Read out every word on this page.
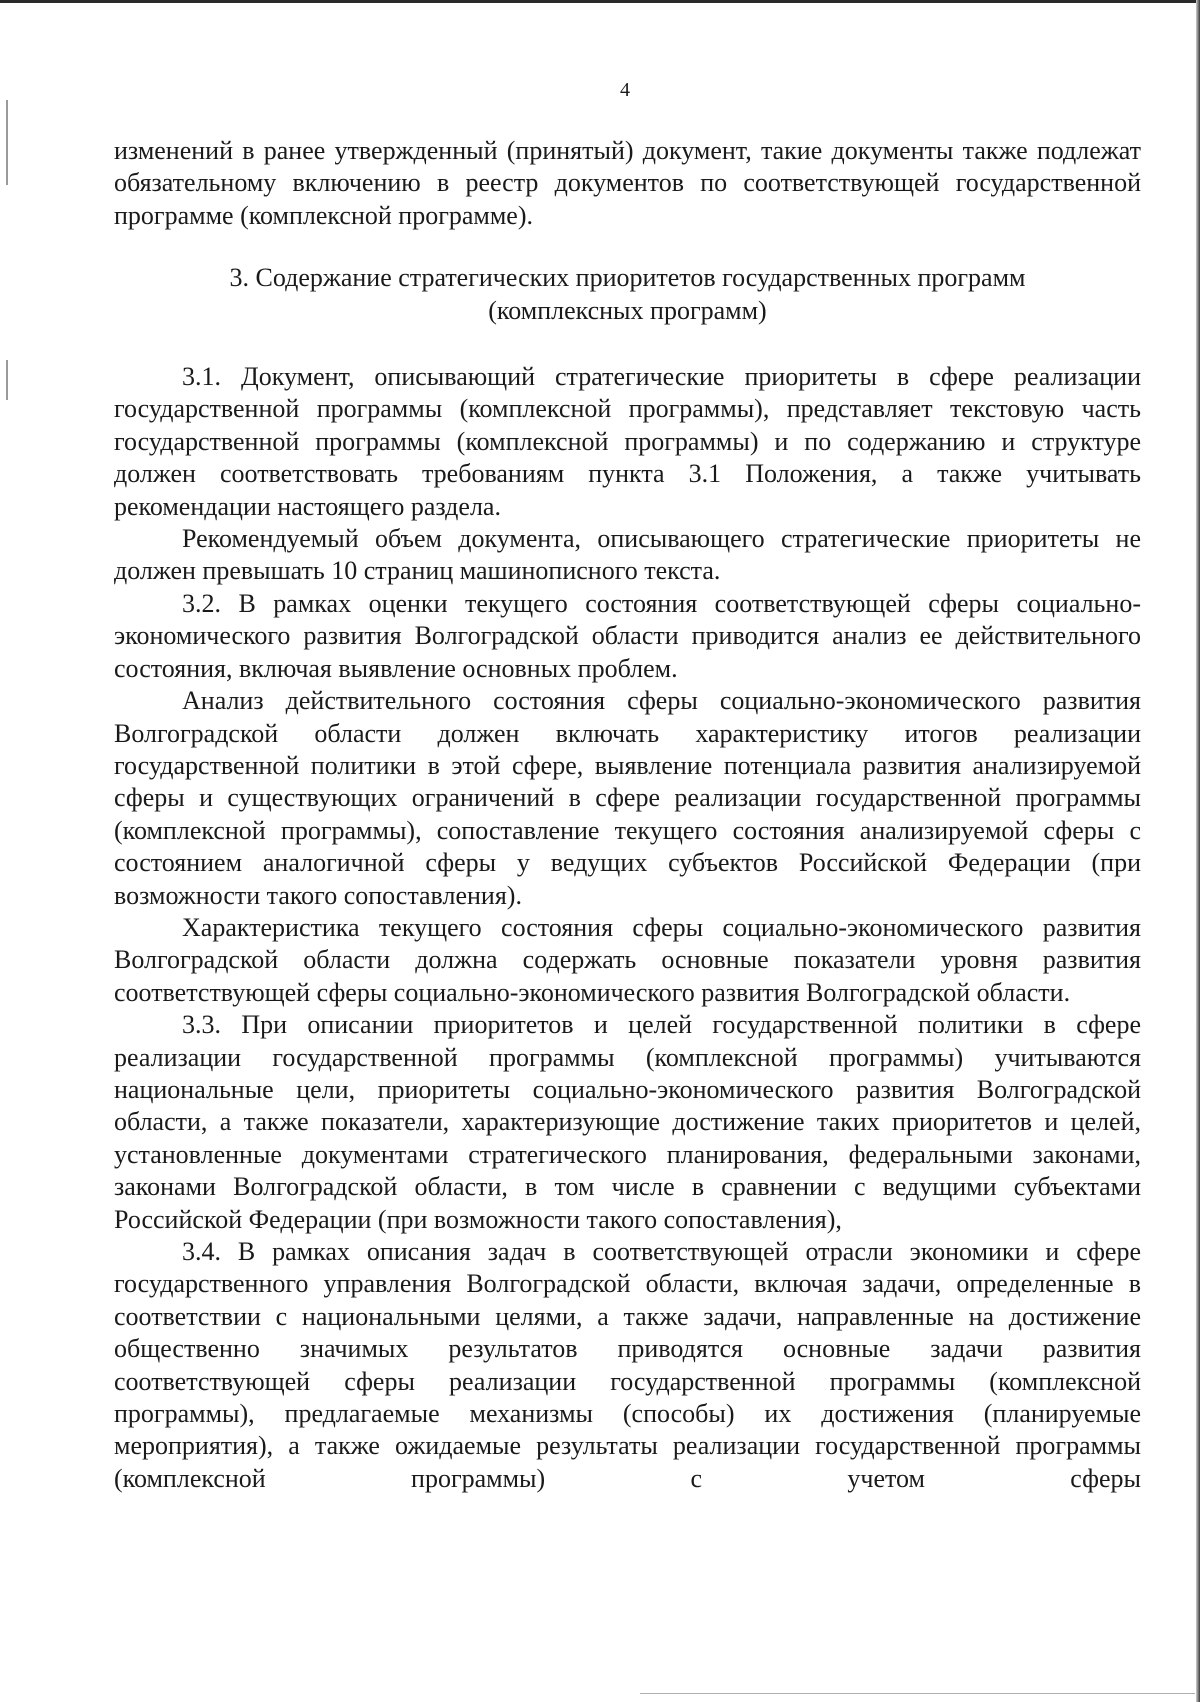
4

изменений в ранее утвержденный (принятый) документ, такие документы также подлежат обязательному включению в реестр документов по соответствующей государственной программе (комплексной программе).

3. Содержание стратегических приоритетов государственных программ
(комплексных программ)

3.1. Документ, описывающий стратегические приоритеты в сфере реализации государственной программы (комплексной программы), представляет текстовую часть государственной программы (комплексной программы) и по содержанию и структуре должен соответствовать требованиям пункта 3.1 Положения, а также учитывать рекомендации настоящего раздела.

Рекомендуемый объем документа, описывающего стратегические приоритеты не должен превышать 10 страниц машинописного текста.

3.2. В рамках оценки текущего состояния соответствующей сферы социально-экономического развития Волгоградской области приводится анализ ее действительного состояния, включая выявление основных проблем.

Анализ действительного состояния сферы социально-экономического развития Волгоградской области должен включать характеристику итогов реализации государственной политики в этой сфере, выявление потенциала развития анализируемой сферы и существующих ограничений в сфере реализации государственной программы (комплексной программы), сопоставление текущего состояния анализируемой сферы с состоянием аналогичной сферы у ведущих субъектов Российской Федерации (при возможности такого сопоставления).

Характеристика текущего состояния сферы социально-экономического развития Волгоградской области должна содержать основные показатели уровня развития соответствующей сферы социально-экономического развития Волгоградской области.

3.3. При описании приоритетов и целей государственной политики в сфере реализации государственной программы (комплексной программы) учитываются национальные цели, приоритеты социально-экономического развития Волгоградской области, а также показатели, характеризующие достижение таких приоритетов и целей, установленные документами стратегического планирования, федеральными законами, законами Волгоградской области, в том числе в сравнении с ведущими субъектами Российской Федерации (при возможности такого сопоставления),

3.4. В рамках описания задач в соответствующей отрасли экономики и сфере государственного управления Волгоградской области, включая задачи, определенные в соответствии с национальными целями, а также задачи, направленные на достижение общественно значимых результатов приводятся основные задачи развития соответствующей сферы реализации государственной программы (комплексной программы), предлагаемые механизмы (способы) их достижения (планируемые мероприятия), а также ожидаемые результаты реализации государственной программы (комплексной программы) с учетом сферы
